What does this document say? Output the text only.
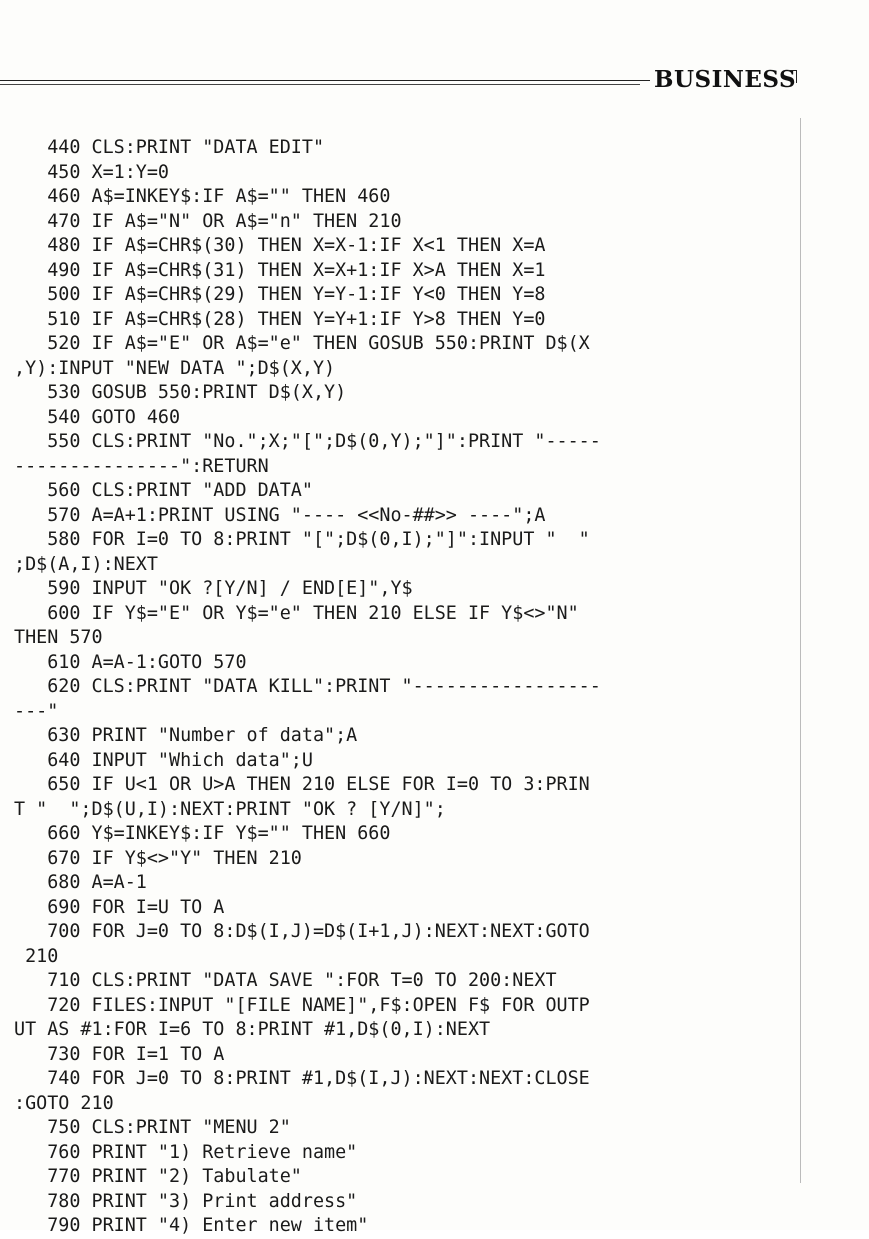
BUSINESS
440 CLS:PRINT "DATA EDIT"
450 X=1:Y=0
460 A$=INKEY$:IF A$="" THEN 460
470 IF A$="N" OR A$="n" THEN 210
480 IF A$=CHR$(30) THEN X=X-1:IF X<1 THEN X=A
490 IF A$=CHR$(31) THEN X=X+1:IF X>A THEN X=1
500 IF A$=CHR$(29) THEN Y=Y-1:IF Y<0 THEN Y=8
510 IF A$=CHR$(28) THEN Y=Y+1:IF Y>8 THEN Y=0
520 IF A$="E" OR A$="e" THEN GOSUB 550:PRINT D$(X
,Y):INPUT "NEW DATA ";D$(X,Y)
530 GOSUB 550:PRINT D$(X,Y)
540 GOTO 460
550 CLS:PRINT "No.";X;"[";D$(0,Y);"]":PRINT "-----
---------------":RETURN
560 CLS:PRINT "ADD DATA"
570 A=A+1:PRINT USING "---- <<No-##>> ----";A
580 FOR I=0 TO 8:PRINT "[";D$(0,I);"]":INPUT "  "
;D$(A,I):NEXT
590 INPUT "OK ?[Y/N] / END[E]",Y$
600 IF Y$="E" OR Y$="e" THEN 210 ELSE IF Y$<>"N"
THEN 570
610 A=A-1:GOTO 570
620 CLS:PRINT "DATA KILL":PRINT "-----------------
---"
630 PRINT "Number of data";A
640 INPUT "Which data";U
650 IF U<1 OR U>A THEN 210 ELSE FOR I=0 TO 3:PRIN
T "  ";D$(U,I):NEXT:PRINT "OK ? [Y/N]";
660 Y$=INKEY$:IF Y$="" THEN 660
670 IF Y$<>"Y" THEN 210
680 A=A-1
690 FOR I=U TO A
700 FOR J=0 TO 8:D$(I,J)=D$(I+1,J):NEXT:NEXT:GOTO
210
710 CLS:PRINT "DATA SAVE ":FOR T=0 TO 200:NEXT
720 FILES:INPUT "[FILE NAME]",F$:OPEN F$ FOR OUTP
UT AS #1:FOR I=6 TO 8:PRINT #1,D$(0,I):NEXT
730 FOR I=1 TO A
740 FOR J=0 TO 8:PRINT #1,D$(I,J):NEXT:NEXT:CLOSE
:GOTO 210
750 CLS:PRINT "MENU 2"
760 PRINT "1) Retrieve name"
770 PRINT "2) Tabulate"
780 PRINT "3) Print address"
790 PRINT "4) Enter new item"
